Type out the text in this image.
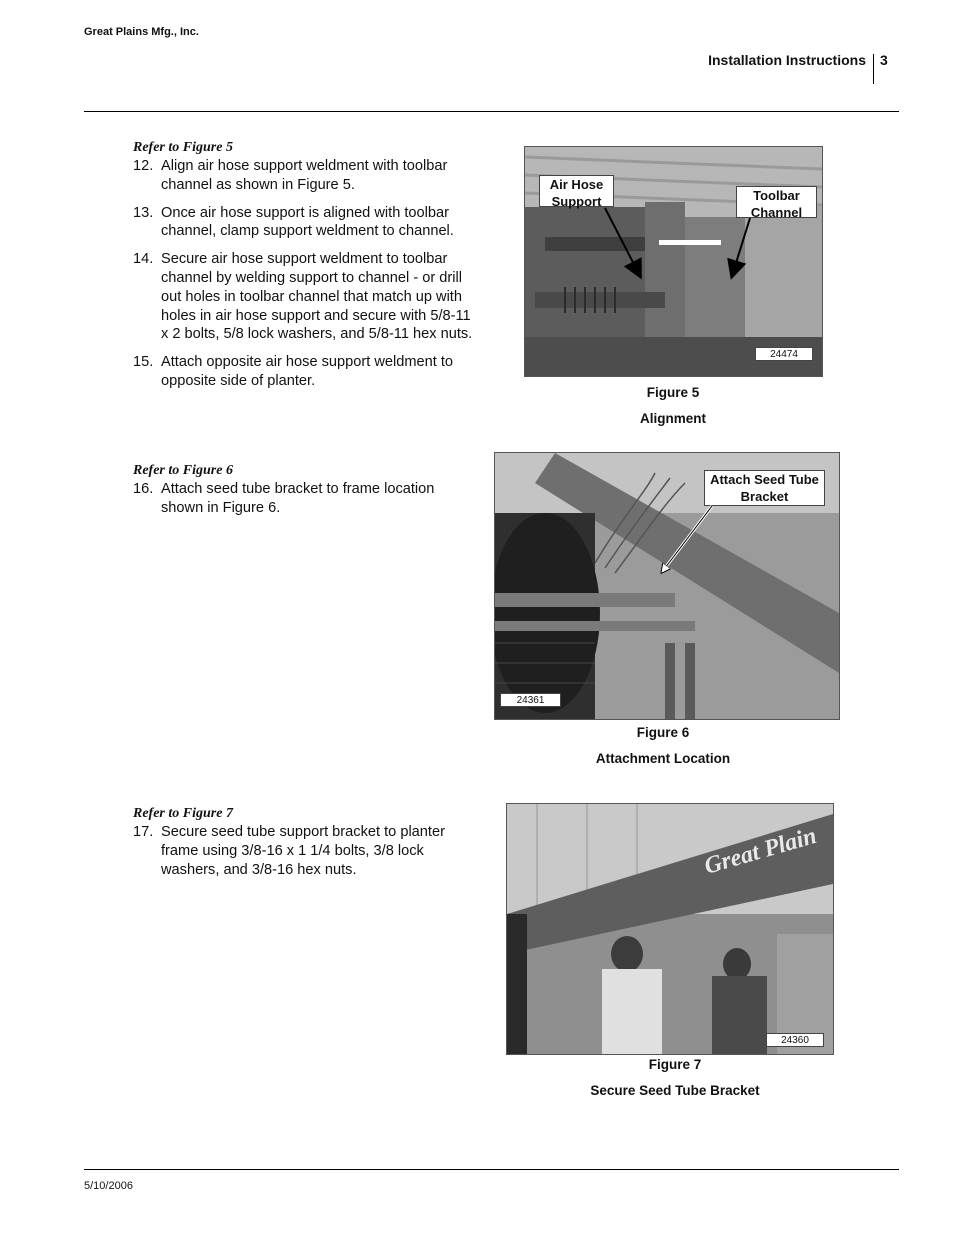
Great Plains Mfg., Inc.
Installation Instructions 3
Refer to Figure 5
12. Align air hose support weldment with toolbar channel as shown in Figure 5.
13. Once air hose support is aligned with toolbar channel, clamp support weldment to channel.
14. Secure air hose support weldment to toolbar channel by welding support to channel - or drill out holes in toolbar channel that match up with holes in air hose support and secure with 5/8-11 x 2 bolts, 5/8 lock washers, and 5/8-11 hex nuts.
15. Attach opposite air hose support weldment to opposite side of planter.
Air Hose Support	Toolbar Channel
24474
Figure 5
Alignment
Refer to Figure 6
16. Attach seed tube bracket to frame location shown in Figure 6.
Attach Seed Tube Bracket
24361
Figure 6
Attachment Location
Refer to Figure 7
17. Secure seed tube support bracket to planter frame using 3/8-16 x 1 1/4 bolts, 3/8 lock washers, and 3/8-16 hex nuts.	Great Plain
24360
Figure 7
Secure Seed Tube Bracket
5/10/2006
